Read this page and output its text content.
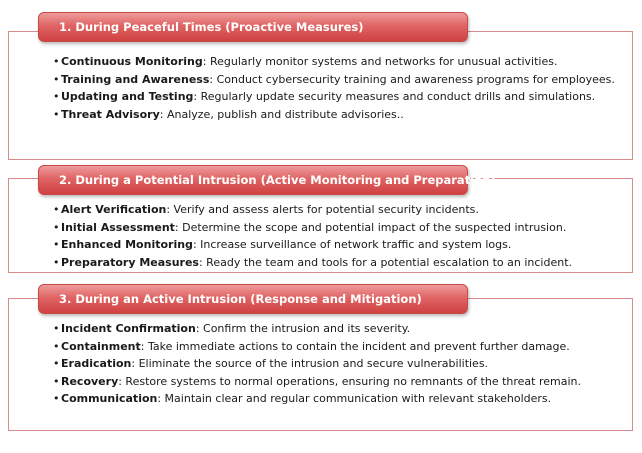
1. During Peaceful Times (Proactive Measures)
• Continuous Monitoring: Regularly monitor systems and networks for unusual activities.
• Training and Awareness: Conduct cybersecurity training and awareness programs for employees.
• Updating and Testing: Regularly update security measures and conduct drills and simulations.
• Threat Advisory: Analyze, publish and distribute advisories..
2. During a Potential Intrusion (Active Monitoring and Preparation)
• Alert Verification: Verify and assess alerts for potential security incidents.
• Initial Assessment: Determine the scope and potential impact of the suspected intrusion.
• Enhanced Monitoring: Increase surveillance of network traffic and system logs.
• Preparatory Measures: Ready the team and tools for a potential escalation to an incident.
3. During an Active Intrusion (Response and Mitigation)
• Incident Confirmation: Confirm the intrusion and its severity.
• Containment: Take immediate actions to contain the incident and prevent further damage.
• Eradication: Eliminate the source of the intrusion and secure vulnerabilities.
• Recovery: Restore systems to normal operations, ensuring no remnants of the threat remain.
• Communication: Maintain clear and regular communication with relevant stakeholders.
